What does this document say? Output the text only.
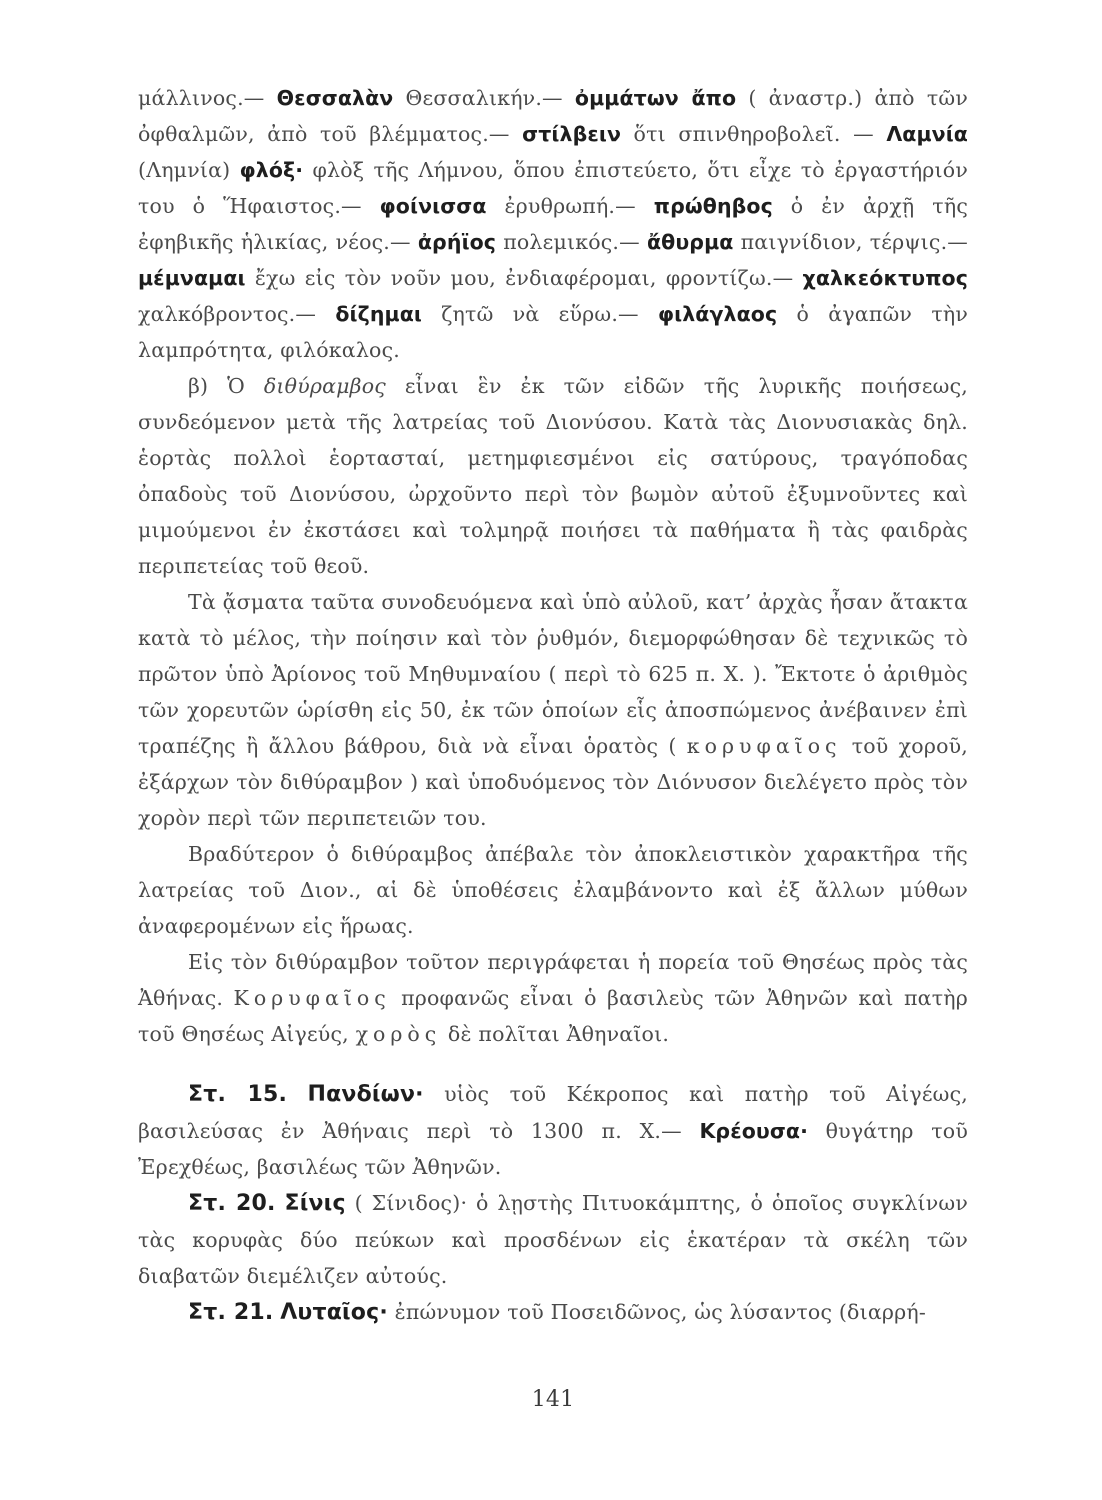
μάλλινος.— Θεσσαλὰν Θεσσαλικήν.— ὀμμάτων ἄπο ( ἀναστρ.) ἀπὸ τῶν ὀφθαλμῶν, ἀπὸ τοῦ βλέμματος.— στίλβειν ὅτι σπινθηροβολεῖ. — Λαμνία (Λημνία) φλόξ· φλὸξ τῆς Λήμνου, ὅπου ἐπιστεύετο, ὅτι εἶχε τὸ ἐργαστήριόν του ὁ Ἥφαιστος.— φοίνισσα ἐρυθρωπή.— πρώθηβος ὁ ἐν ἀρχῇ τῆς ἐφηβικῆς ἡλικίας, νέος.— ἀρήϊος πολεμικός.— ἄθυρμα παιγνίδιον, τέρψις.— μέμναμαι ἔχω εἰς τὸν νοῦν μου, ἐνδιαφέρομαι, φροντίζω.— χαλκεόκτυπος χαλκόβροντος.— δίζημαι ζητῶ νὰ εὕρω.— φιλάγλαος ὁ ἀγαπῶν τὴν λαμπρότητα, φιλόκαλος.

β) Ὁ διθύραμβος εἶναι ἓν ἐκ τῶν εἰδῶν τῆς λυρικῆς ποιήσεως, συνδεόμενον μετὰ τῆς λατρείας τοῦ Διονύσου. Κατὰ τὰς Διονυσιακὰς δηλ. ἑορτὰς πολλοὶ ἑορτασταί, μετημφιεσμένοι εἰς σατύρους, τραγόποδας ὀπαδοὺς τοῦ Διονύσου, ὠρχοῦντο περὶ τὸν βωμὸν αὐτοῦ ἐξυμνοῦντες καὶ μιμούμενοι ἐν ἐκστάσει καὶ τολμηρᾷ ποιήσει τὰ παθήματα ἢ τὰς φαιδρὰς περιπετείας τοῦ θεοῦ.

Τὰ ᾄσματα ταῦτα συνοδευόμενα καὶ ὑπὸ αὐλοῦ, κατ’ ἀρχὰς ἦσαν ἄτακτα κατὰ τὸ μέλος, τὴν ποίησιν καὶ τὸν ῥυθμόν, διεμορφώθησαν δὲ τεχνικῶς τὸ πρῶτον ὑπὸ Ἀρίονος τοῦ Μηθυμναίου ( περὶ τὸ 625 π. Χ. ). Ἔκτοτε ὁ ἀριθμὸς τῶν χορευτῶν ὡρίσθη εἰς 50, ἐκ τῶν ὁποίων εἷς ἀποσπώμενος ἀνέβαινεν ἐπὶ τραπέζης ἢ ἄλλου βάθρου, διὰ νὰ εἶναι ὁρατὸς ( κορυφαῖος τοῦ χοροῦ, ἐξάρχων τὸν διθύραμβον ) καὶ ὑποδυόμενος τὸν Διόνυσον διελέγετο πρὸς τὸν χορὸν περὶ τῶν περιπετειῶν του.

Βραδύτερον ὁ διθύραμβος ἀπέβαλε τὸν ἀποκλειστικὸν χαρακτῆρα τῆς λατρείας τοῦ Διον., αἱ δὲ ὑποθέσεις ἐλαμβάνοντο καὶ ἐξ ἄλλων μύθων ἀναφερομένων εἰς ἥρωας.

Εἰς τὸν διθύραμβον τοῦτον περιγράφεται ἡ πορεία τοῦ Θησέως πρὸς τὰς Ἀθήνας. Κορυφαῖος προφανῶς εἶναι ὁ βασιλεὺς τῶν Ἀθηνῶν καὶ πατὴρ τοῦ Θησέως Αἰγεύς, χορὸς δὲ πολῖται Ἀθηναῖοι.

Στ. 15. Πανδίων· υἱὸς τοῦ Κέκροπος καὶ πατὴρ τοῦ Αἰγέως, βασιλεύσας ἐν Ἀθήναις περὶ τὸ 1300 π. Χ.— Κρέουσα· θυγάτηρ τοῦ Ἐρεχθέως, βασιλέως τῶν Ἀθηνῶν.

Στ. 20. Σίνις ( Σίνιδος)· ὁ λῃστὴς Πιτυοκάμπτης, ὁ ὁποῖος συγκλίνων τὰς κορυφὰς δύο πεύκων καὶ προσδένων εἰς ἑκατέραν τὰ σκέλη τῶν διαβατῶν διεμέλιζεν αὐτούς.

Στ. 21. Λυταῖος· ἐπώνυμον τοῦ Ποσειδῶνος, ὡς λύσαντος (διαρρή-

141
